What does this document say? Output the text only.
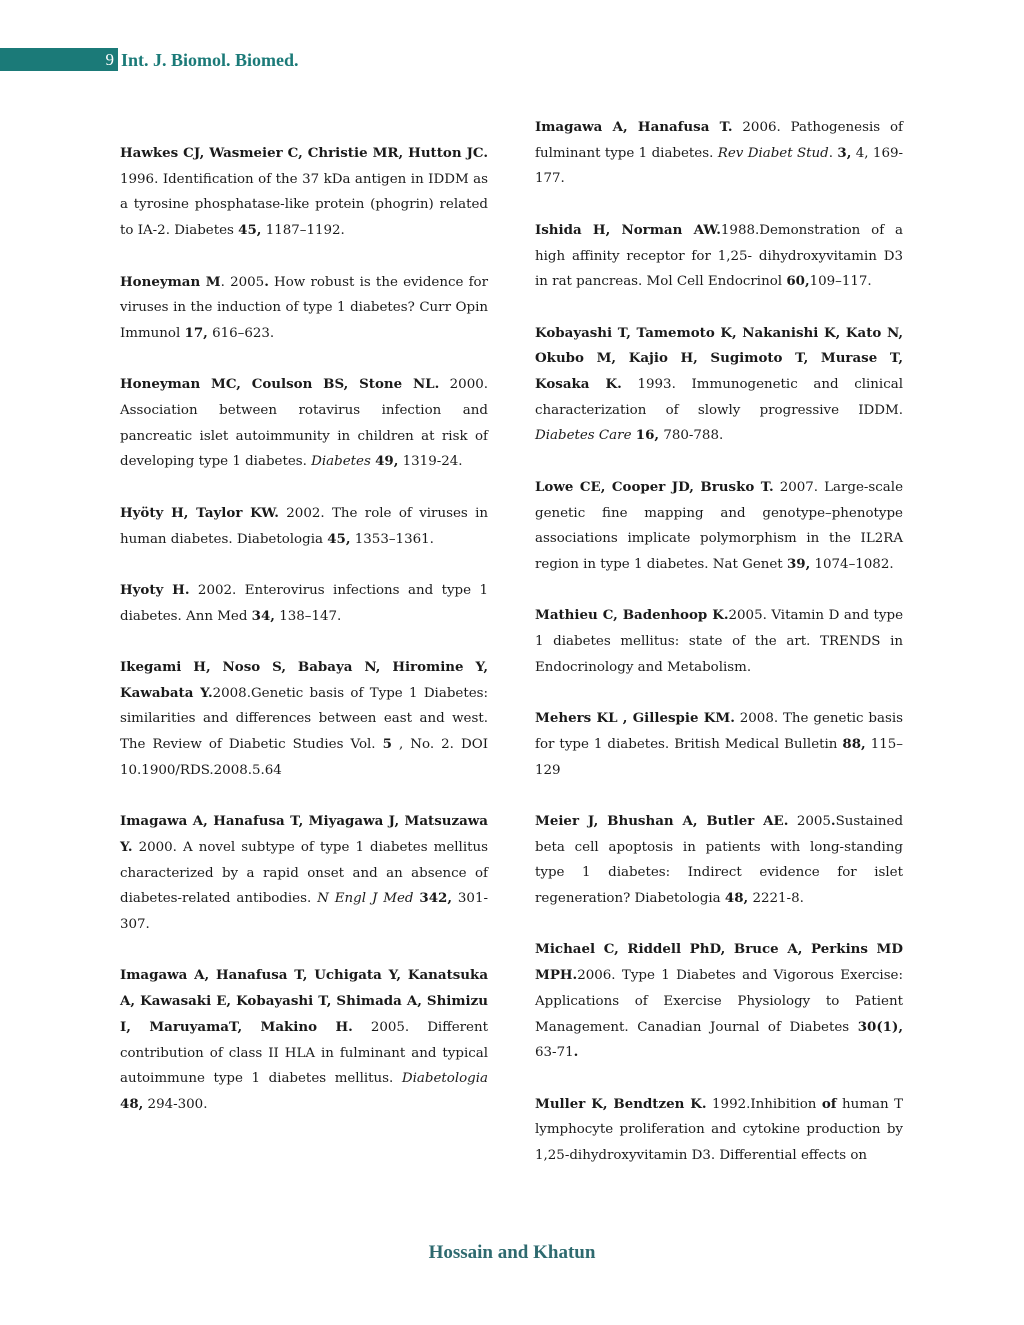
9 Int. J. Biomol. Biomed.

Hawkes CJ, Wasmeier C, Christie MR, Hutton JC. 1996. Identification of the 37 kDa antigen in IDDM as a tyrosine phosphatase-like protein (phogrin) related to IA-2. Diabetes 45, 1187–1192.

Honeyman M. 2005. How robust is the evidence for viruses in the induction of type 1 diabetes? Curr Opin Immunol 17, 616–623.

Honeyman MC, Coulson BS, Stone NL. 2000. Association between rotavirus infection and pancreatic islet autoimmunity in children at risk of developing type 1 diabetes. Diabetes 49, 1319-24.

Hyöty H, Taylor KW. 2002. The role of viruses in human diabetes. Diabetologia 45, 1353–1361.

Hyoty H. 2002. Enterovirus infections and type 1 diabetes. Ann Med 34, 138–147.

Ikegami H, Noso S, Babaya N, Hiromine Y, Kawabata Y.2008.Genetic basis of Type 1 Diabetes: similarities and differences between east and west. The Review of Diabetic Studies Vol. 5 , No. 2. DOI 10.1900/RDS.2008.5.64

Imagawa A, Hanafusa T, Miyagawa J, Matsuzawa Y. 2000. A novel subtype of type 1 diabetes mellitus characterized by a rapid onset and an absence of diabetes-related antibodies. N Engl J Med 342, 301-307.

Imagawa A, Hanafusa T, Uchigata Y, Kanatsuka A, Kawasaki E, Kobayashi T, Shimada A, Shimizu I, MaruyamaT, Makino H. 2005. Different contribution of class II HLA in fulminant and typical autoimmune type 1 diabetes mellitus. Diabetologia 48, 294-300.

Imagawa A, Hanafusa T. 2006. Pathogenesis of fulminant type 1 diabetes. Rev Diabet Stud. 3, 4, 169-177.

Ishida H, Norman AW.1988.Demonstration of a high affinity receptor for 1,25- dihydroxyvitamin D3 in rat pancreas. Mol Cell Endocrinol 60,109–117.

Kobayashi T, Tamemoto K, Nakanishi K, Kato N, Okubo M, Kajio H, Sugimoto T, Murase T, Kosaka K. 1993. Immunogenetic and clinical characterization of slowly progressive IDDM. Diabetes Care 16, 780-788.

Lowe CE, Cooper JD, Brusko T. 2007. Large-scale genetic fine mapping and genotype–phenotype associations implicate polymorphism in the IL2RA region in type 1 diabetes. Nat Genet 39, 1074–1082.

Mathieu C, Badenhoop K.2005. Vitamin D and type 1 diabetes mellitus: state of the art. TRENDS in Endocrinology and Metabolism.

Mehers KL , Gillespie KM. 2008. The genetic basis for type 1 diabetes. British Medical Bulletin 88, 115–129

Meier J, Bhushan A, Butler AE. 2005.Sustained beta cell apoptosis in patients with long-standing type 1 diabetes: Indirect evidence for islet regeneration? Diabetologia 48, 2221-8.

Michael C, Riddell PhD, Bruce A, Perkins MD MPH.2006. Type 1 Diabetes and Vigorous Exercise: Applications of Exercise Physiology to Patient Management. Canadian Journal of Diabetes 30(1), 63-71.

Muller K, Bendtzen K. 1992.Inhibition of human T lymphocyte proliferation and cytokine production by 1,25-dihydroxyvitamin D3. Differential effects on

Hossain and Khatun
